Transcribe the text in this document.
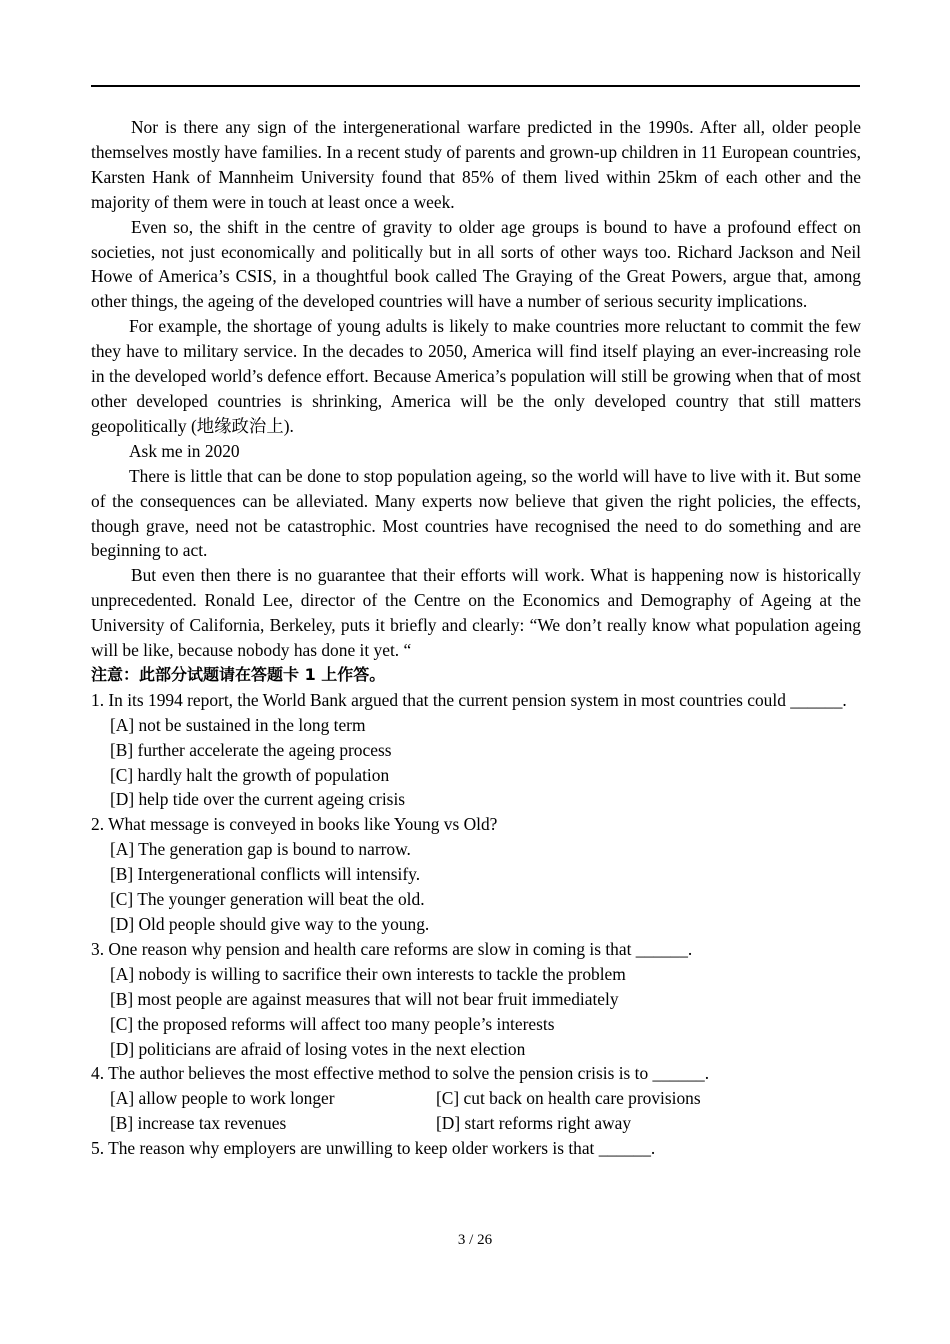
Nor is there any sign of the intergenerational warfare predicted in the 1990s. After all, older people themselves mostly have families. In a recent study of parents and grown-up children in 11 European countries, Karsten Hank of Mannheim University found that 85% of them lived within 25km of each other and the majority of them were in touch at least once a week.

Even so, the shift in the centre of gravity to older age groups is bound to have a profound effect on societies, not just economically and politically but in all sorts of other ways too. Richard Jackson and Neil Howe of America’s CSIS, in a thoughtful book called The Graying of the Great Powers, argue that, among other things, the ageing of the developed countries will have a number of serious security implications.

For example, the shortage of young adults is likely to make countries more reluctant to commit the few they have to military service. In the decades to 2050, America will find itself playing an ever-increasing role in the developed world’s defence effort. Because America’s population will still be growing when that of most other developed countries is shrinking, America will be the only developed country that still matters geopolitically (地缘政治上).

Ask me in 2020

There is little that can be done to stop population ageing, so the world will have to live with it. But some of the consequences can be alleviated. Many experts now believe that given the right policies, the effects, though grave, need not be catastrophic. Most countries have recognised the need to do something and are beginning to act.

But even then there is no guarantee that their efforts will work. What is happening now is historically unprecedented. Ronald Lee, director of the Centre on the Economics and Demography of Ageing at the University of California, Berkeley, puts it briefly and clearly: “We don’t really know what population ageing will be like, because nobody has done it yet. “

注意：此部分试题请在答题卡 1 上作答。

1. In its 1994 report, the World Bank argued that the current pension system in most countries could ______.

[A] not be sustained in the long term

[B] further accelerate the ageing process

[C] hardly halt the growth of population

[D] help tide over the current ageing crisis

2. What message is conveyed in books like Young vs Old?

[A] The generation gap is bound to narrow.

[B] Intergenerational conflicts will intensify.

[C] The younger generation will beat the old.

[D] Old people should give way to the young.

3. One reason why pension and health care reforms are slow in coming is that ______.

[A] nobody is willing to sacrifice their own interests to tackle the problem

[B] most people are against measures that will not bear fruit immediately

[C] the proposed reforms will affect too many people’s interests

[D] politicians are afraid of losing votes in the next election

4. The author believes the most effective method to solve the pension crisis is to ______.

[A] allow people to work longer	[C] cut back on health care provisions
[B] increase tax revenues	[D] start reforms right away

5. The reason why employers are unwilling to keep older workers is that ______.

3 / 26
